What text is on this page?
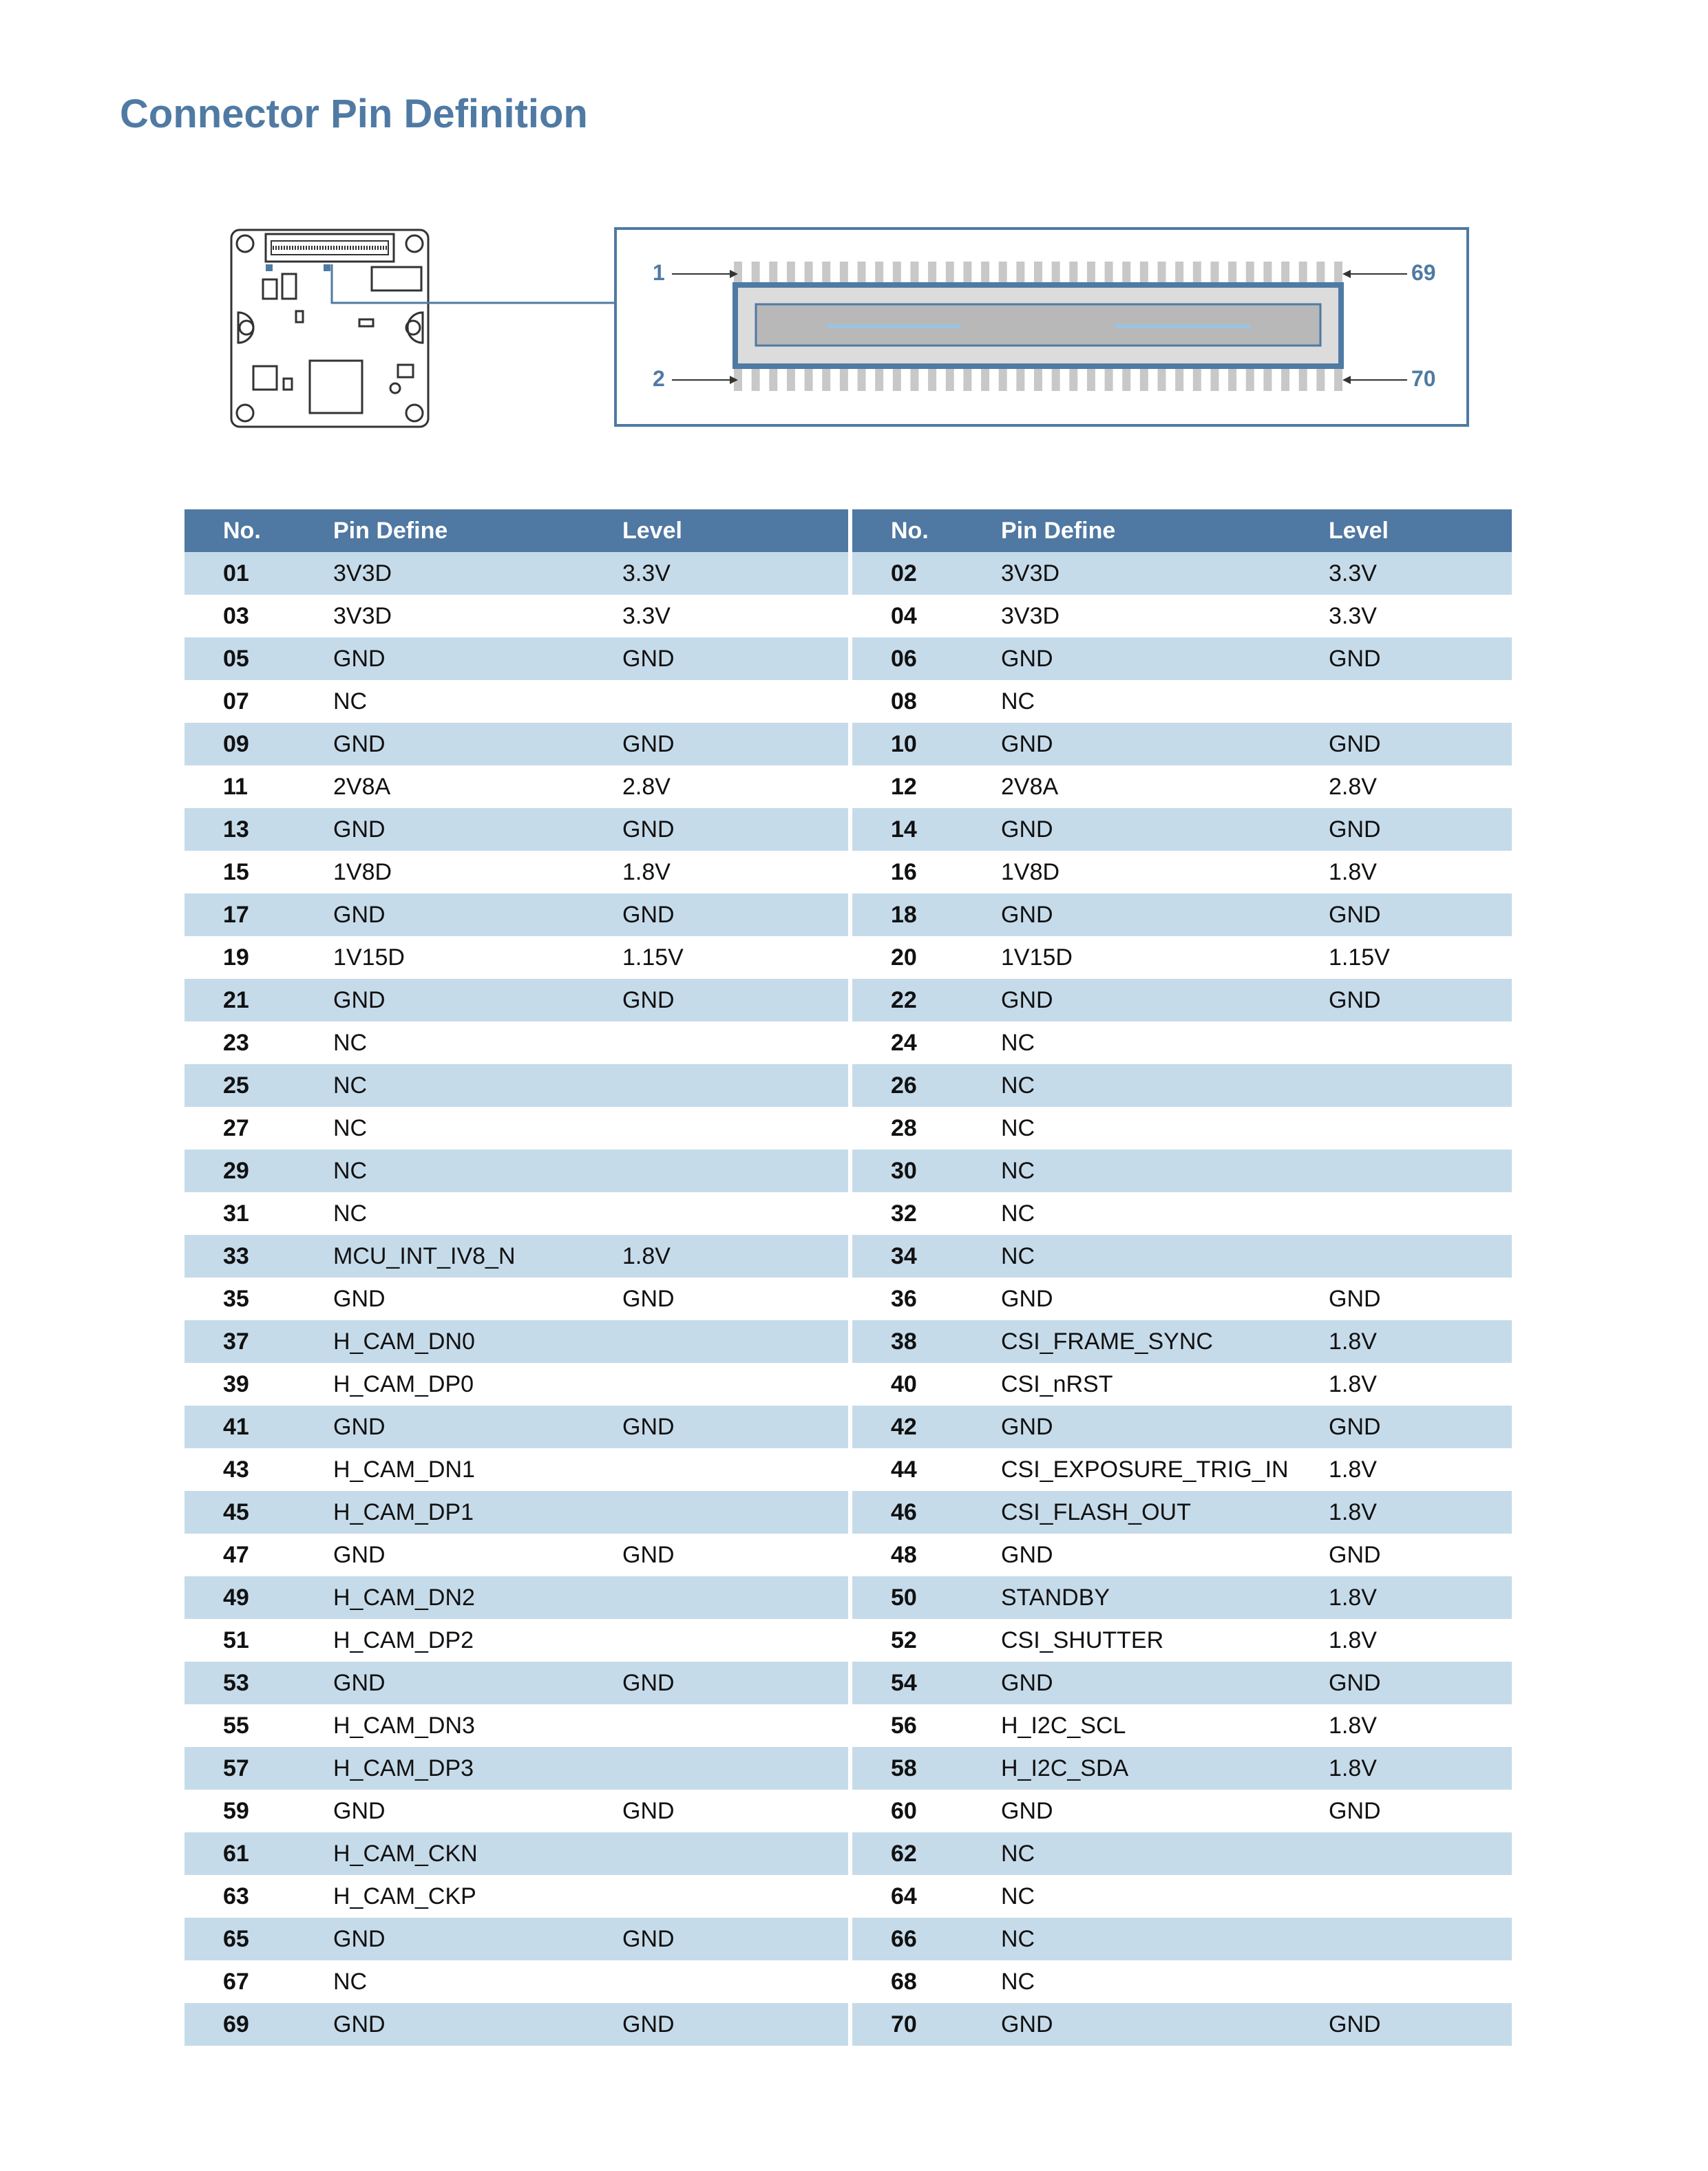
Connector Pin Definition
1
2
69
70
No.	Pin Define	Level		No.	Pin Define	Level
01	3V3D	3.3V		02	3V3D	3.3V
03	3V3D	3.3V		04	3V3D	3.3V
05	GND	GND		06	GND	GND
07	NC			08	NC	
09	GND	GND		10	GND	GND
11	2V8A	2.8V		12	2V8A	2.8V
13	GND	GND		14	GND	GND
15	1V8D	1.8V		16	1V8D	1.8V
17	GND	GND		18	GND	GND
19	1V15D	1.15V		20	1V15D	1.15V
21	GND	GND		22	GND	GND
23	NC			24	NC	
25	NC			26	NC	
27	NC			28	NC	
29	NC			30	NC	
31	NC			32	NC	
33	MCU_INT_IV8_N	1.8V		34	NC	
35	GND	GND		36	GND	GND
37	H_CAM_DN0			38	CSI_FRAME_SYNC	1.8V
39	H_CAM_DP0			40	CSI_nRST	1.8V
41	GND	GND		42	GND	GND
43	H_CAM_DN1			44	CSI_EXPOSURE_TRIG_IN	1.8V
45	H_CAM_DP1			46	CSI_FLASH_OUT	1.8V
47	GND	GND		48	GND	GND
49	H_CAM_DN2			50	STANDBY	1.8V
51	H_CAM_DP2			52	CSI_SHUTTER	1.8V
53	GND	GND		54	GND	GND
55	H_CAM_DN3			56	H_I2C_SCL	1.8V
57	H_CAM_DP3			58	H_I2C_SDA	1.8V
59	GND	GND		60	GND	GND
61	H_CAM_CKN			62	NC	
63	H_CAM_CKP			64	NC	
65	GND	GND		66	NC	
67	NC			68	NC	
69	GND	GND		70	GND	GND
